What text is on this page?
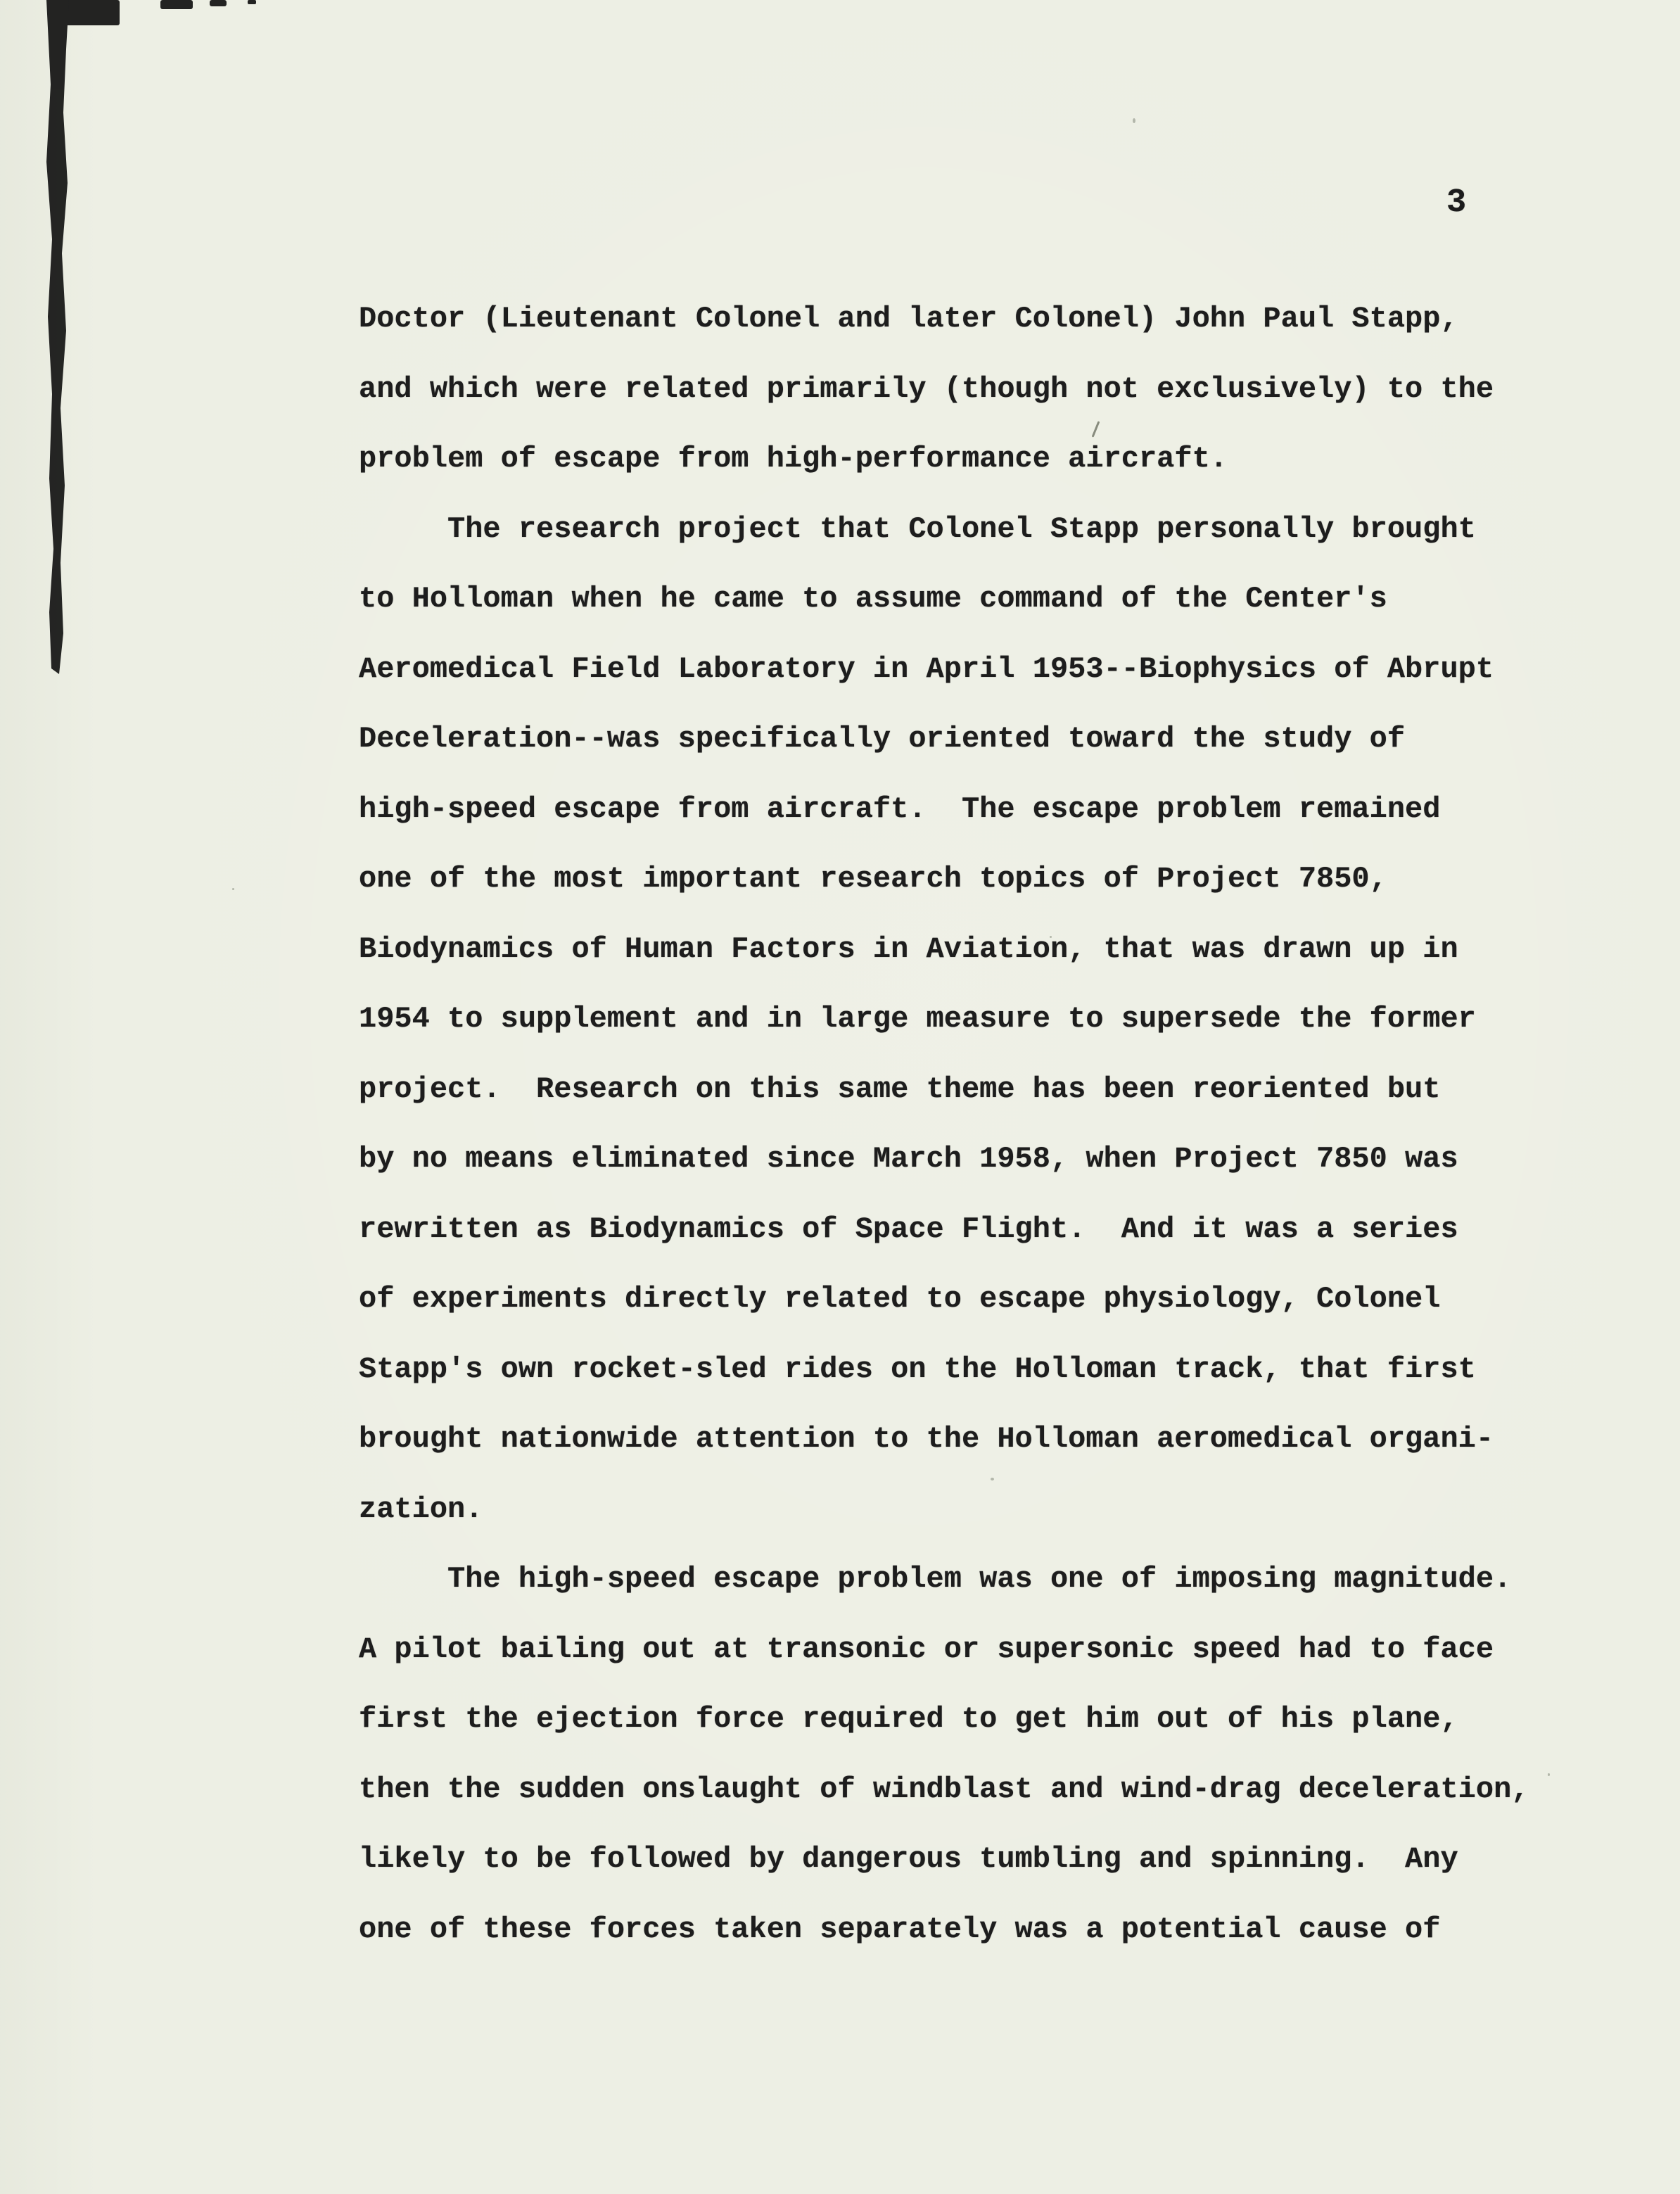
3
Doctor (Lieutenant Colonel and later Colonel) John Paul Stapp,
and which were related primarily (though not exclusively) to the
problem of escape from high-performance aircraft.
The research project that Colonel Stapp personally brought
to Holloman when he came to assume command of the Center's
Aeromedical Field Laboratory in April 1953--Biophysics of Abrupt
Deceleration--was specifically oriented toward the study of
high-speed escape from aircraft.  The escape problem remained
one of the most important research topics of Project 7850,
Biodynamics of Human Factors in Aviation, that was drawn up in
1954 to supplement and in large measure to supersede the former
project.  Research on this same theme has been reoriented but
by no means eliminated since March 1958, when Project 7850 was
rewritten as Biodynamics of Space Flight.  And it was a series
of experiments directly related to escape physiology, Colonel
Stapp's own rocket-sled rides on the Holloman track, that first
brought nationwide attention to the Holloman aeromedical organi-
zation.
The high-speed escape problem was one of imposing magnitude.
A pilot bailing out at transonic or supersonic speed had to face
first the ejection force required to get him out of his plane,
then the sudden onslaught of windblast and wind-drag deceleration,
likely to be followed by dangerous tumbling and spinning.  Any
one of these forces taken separately was a potential cause of
